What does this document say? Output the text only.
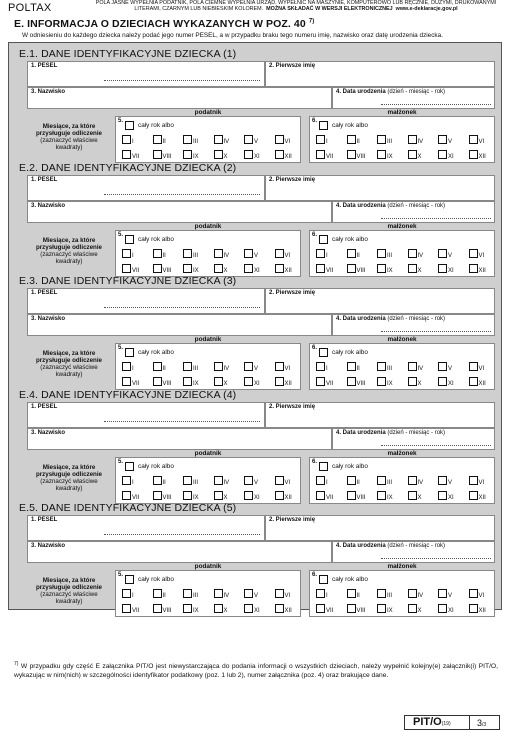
POLTAX	POLA JASNE WYPEŁNIA PODATNIK, POLA CIEMNE WYPEŁNIA URZĄD. WYPEŁNIĆ NA MASZYNIE, KOMPUTEROWO LUB RĘCZNIE, DUŻYMI, DRUKOWANYMI
LITERAMI, CZARNYM LUB NIEBIESKIM KOLOREM. MOŻNA SKŁADAĆ W WERSJI ELEKTRONICZNEJ www.e-deklaracje.gov.pl
E. INFORMACJA O DZIECIACH WYKAZANYCH W POZ. 40 $^{7)}$
W odniesieniu do każdego dziecka należy podać jego numer PESEL, a w przypadku braku tego numeru imię, nazwisko oraz datę urodzenia dziecka.
E.1. DANE IDENTYFIKACYJNE DZIECKA (1)
1. PESEL	2. Pierwsze imię
3. Nazwisko	4. Data urodzenia (dzień - miesiąc - rok)
podatnik	małżonek
Miesiące, za które przysługuje odliczenie
(zaznaczyć właściwe kwadraty)
5.
cały rok albo
I	II	III	IV	V	VI
VII	VIII	IX	X	XI	XII
6.
cały rok albo
I	II	III	IV	V	VI
VII	VIII	IX	X	XI	XII
E.2. DANE IDENTYFIKACYJNE DZIECKA (2)
1. PESEL	2. Pierwsze imię
3. Nazwisko	4. Data urodzenia (dzień - miesiąc - rok)
podatnik	małżonek
Miesiące, za które przysługuje odliczenie
(zaznaczyć właściwe kwadraty)
5.
cały rok albo
I	II	III	IV	V	VI
VII	VIII	IX	X	XI	XII
6.
cały rok albo
I	II	III	IV	V	VI
VII	VIII	IX	X	XI	XII
E.3. DANE IDENTYFIKACYJNE DZIECKA (3)
1. PESEL	2. Pierwsze imię
3. Nazwisko	4. Data urodzenia (dzień - miesiąc - rok)
podatnik	małżonek
Miesiące, za które przysługuje odliczenie
(zaznaczyć właściwe kwadraty)
5.
cały rok albo
I	II	III	IV	V	VI
VII	VIII	IX	X	XI	XII
6.
cały rok albo
I	II	III	IV	V	VI
VII	VIII	IX	X	XI	XII
E.4. DANE IDENTYFIKACYJNE DZIECKA (4)
1. PESEL	2. Pierwsze imię
3. Nazwisko	4. Data urodzenia (dzień - miesiąc - rok)
podatnik	małżonek
Miesiące, za które przysługuje odliczenie
(zaznaczyć właściwe kwadraty)
5.
cały rok albo
I	II	III	IV	V	VI
VII	VIII	IX	X	XI	XII
6.
cały rok albo
I	II	III	IV	V	VI
VII	VIII	IX	X	XI	XII
E.5. DANE IDENTYFIKACYJNE DZIECKA (5)
1. PESEL	2. Pierwsze imię
3. Nazwisko	4. Data urodzenia (dzień - miesiąc - rok)
podatnik	małżonek
Miesiące, za które przysługuje odliczenie
(zaznaczyć właściwe kwadraty)
5.
cały rok albo
I	II	III	IV	V	VI
VII	VIII	IX	X	XI	XII
6.
cały rok albo
I	II	III	IV	V	VI
VII	VIII	IX	X	XI	XII
$^{7)}$ W przypadku gdy część E załącznika PIT/O jest niewystarczająca do podania informacji o wszystkich dzieciach, należy wypełnić kolejny(e) załącznik(i) PIT/O, wykazując w nim(nich) w szczególności identyfikator podatkowy (poz. 1 lub 2), numer załącznika (poz. 4) oraz brakujące dane.
PIT/O(19)	3/3
